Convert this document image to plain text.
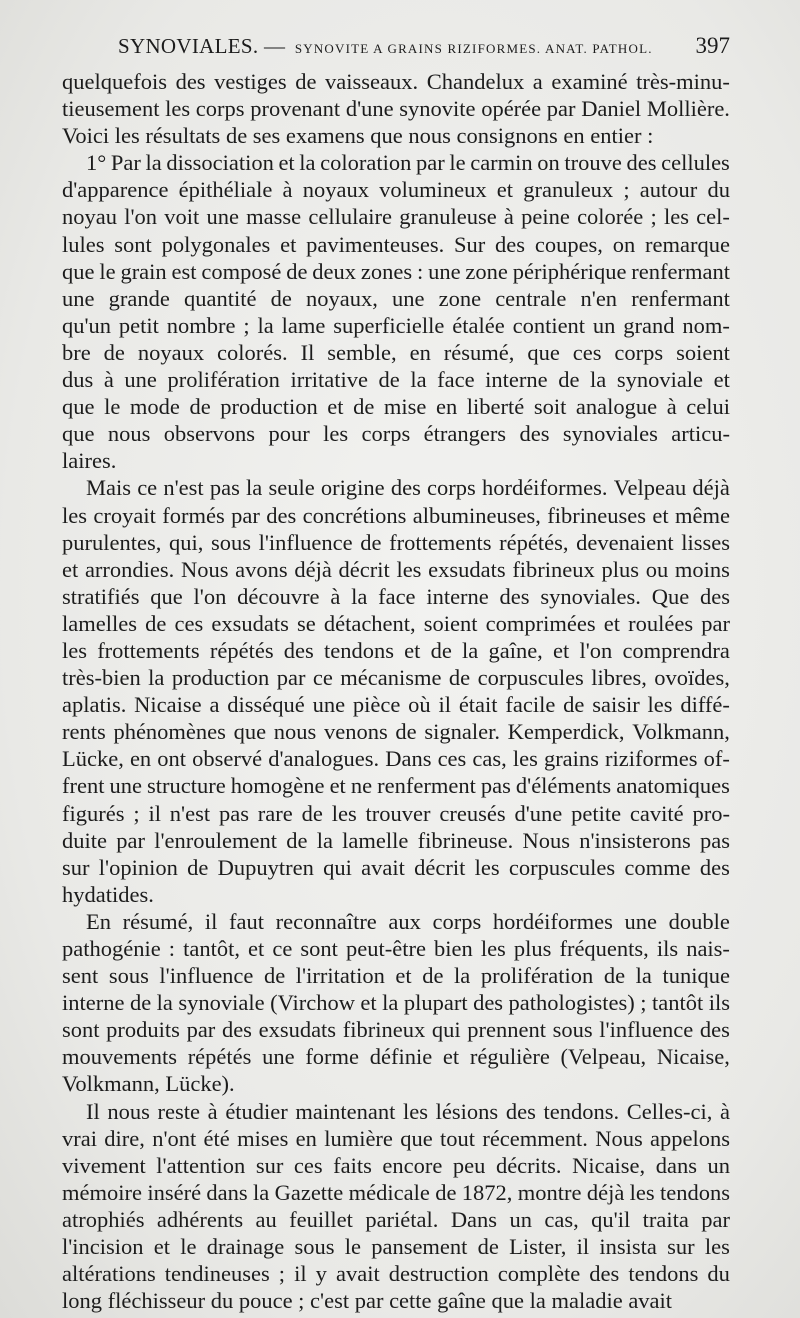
SYNOVIALES. — SYNOVITE A GRAINS RIZIFORMES. ANAT. PATHOL. 397
quelquefois des vestiges de vaisseaux. Chandelux a examiné très-minu-
tieusement les corps provenant d'une synovite opérée par Daniel Mollière.
Voici les résultats de ses examens que nous consignons en entier :
1° Par la dissociation et la coloration par le carmin on trouve des cellules
d'apparence épithéliale à noyaux volumineux et granuleux ; autour du
noyau l'on voit une masse cellulaire granuleuse à peine colorée ; les cel-
lules sont polygonales et pavimenteuses. Sur des coupes, on remarque
que le grain est composé de deux zones : une zone périphérique renfermant
une grande quantité de noyaux, une zone centrale n'en renfermant
qu'un petit nombre ; la lame superficielle étalée contient un grand nom-
bre de noyaux colorés. Il semble, en résumé, que ces corps soient
dus à une prolifération irritative de la face interne de la synoviale et
que le mode de production et de mise en liberté soit analogue à celui
que nous observons pour les corps étrangers des synoviales articu-
laires.
Mais ce n'est pas la seule origine des corps hordéiformes. Velpeau déjà
les croyait formés par des concrétions albumineuses, fibrineuses et même
purulentes, qui, sous l'influence de frottements répétés, devenaient lisses
et arrondies. Nous avons déjà décrit les exsudats fibrineux plus ou moins
stratifiés que l'on découvre à la face interne des synoviales. Que des
lamelles de ces exsudats se détachent, soient comprimées et roulées par
les frottements répétés des tendons et de la gaîne, et l'on comprendra
très-bien la production par ce mécanisme de corpuscules libres, ovoïdes,
aplatis. Nicaise a disséqué une pièce où il était facile de saisir les diffé-
rents phénomènes que nous venons de signaler. Kemperdick, Volkmann,
Lücke, en ont observé d'analogues. Dans ces cas, les grains riziformes of-
frent une structure homogène et ne renferment pas d'éléments anatomiques
figurés ; il n'est pas rare de les trouver creusés d'une petite cavité pro-
duite par l'enroulement de la lamelle fibrineuse. Nous n'insisterons pas
sur l'opinion de Dupuytren qui avait décrit les corpuscules comme des
hydatides.
En résumé, il faut reconnaître aux corps hordéiformes une double
pathogénie : tantôt, et ce sont peut-être bien les plus fréquents, ils nais-
sent sous l'influence de l'irritation et de la prolifération de la tunique
interne de la synoviale (Virchow et la plupart des pathologistes) ; tantôt ils
sont produits par des exsudats fibrineux qui prennent sous l'influence des
mouvements répétés une forme définie et régulière (Velpeau, Nicaise,
Volkmann, Lücke).
Il nous reste à étudier maintenant les lésions des tendons. Celles-ci, à
vrai dire, n'ont été mises en lumière que tout récemment. Nous appelons
vivement l'attention sur ces faits encore peu décrits. Nicaise, dans un
mémoire inséré dans la Gazette médicale de 1872, montre déjà les tendons
atrophiés adhérents au feuillet pariétal. Dans un cas, qu'il traita par
l'incision et le drainage sous le pansement de Lister, il insista sur les
altérations tendineuses ; il y avait destruction complète des tendons du
long fléchisseur du pouce ; c'est par cette gaîne que la maladie avait
